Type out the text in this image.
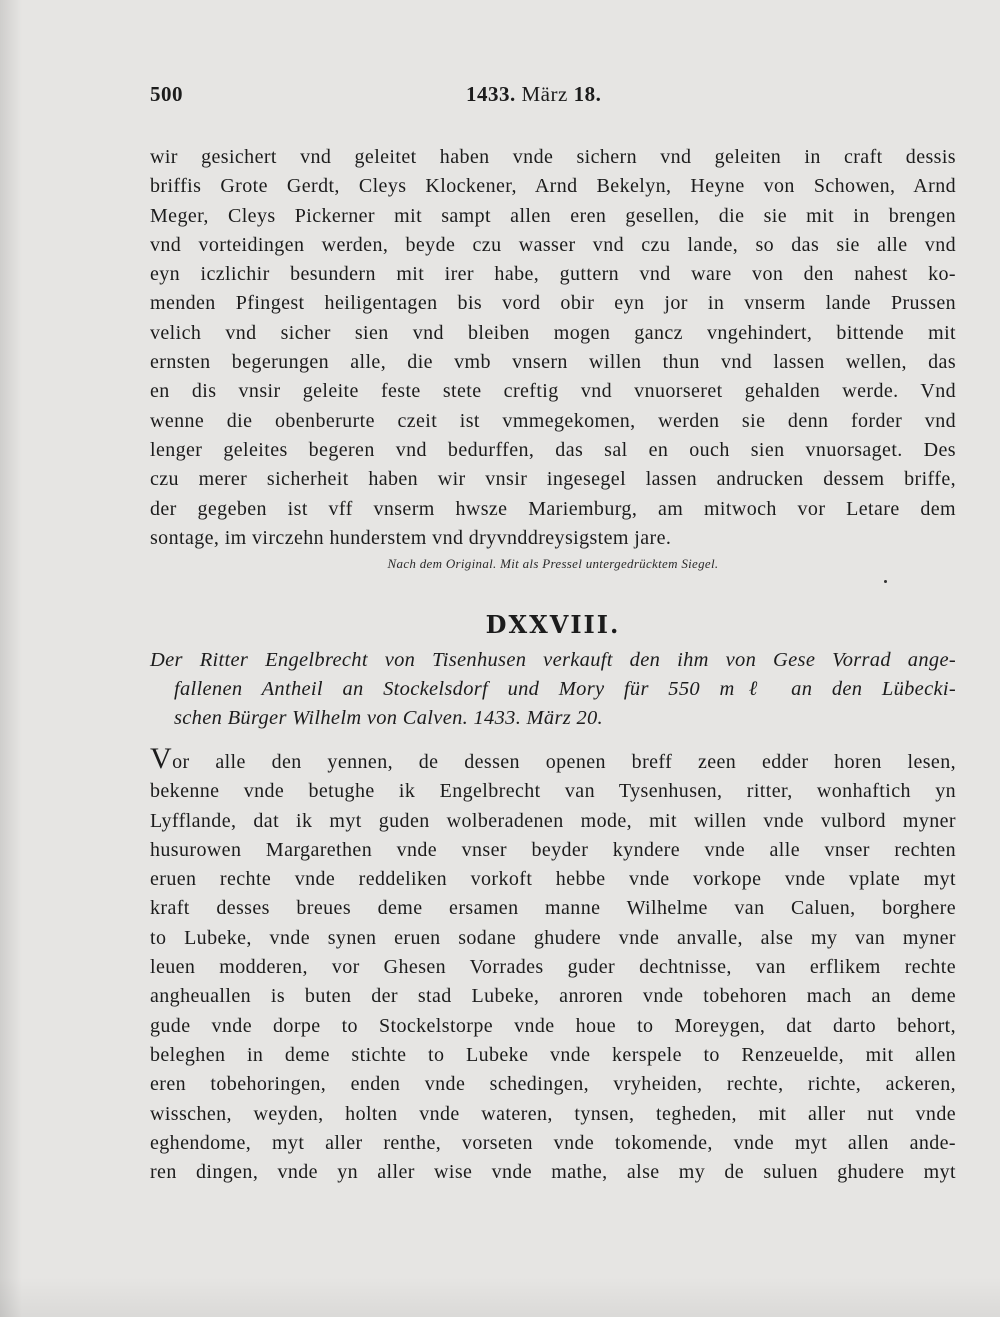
500	1433. März 18.
wir gesichert vnd geleitet haben vnde sichern vnd geleiten in craft dessis
briffis Grote Gerdt, Cleys Klockener, Arnd Bekelyn, Heyne von Schowen, Arnd
Meger, Cleys Pickerner mit sampt allen eren gesellen, die sie mit in brengen
vnd vorteidingen werden, beyde czu wasser vnd czu lande, so das sie alle vnd
eyn iczlichir besundern mit irer habe, guttern vnd ware von den nahest ko-
menden Pfingest heiligentagen bis vord obir eyn jor in vnserm lande Prussen
velich vnd sicher sien vnd bleiben mogen gancz vngehindert, bittende mit
ernsten begerungen alle, die vmb vnsern willen thun vnd lassen wellen, das
en dis vnsir geleite feste stete creftig vnd vnuorseret gehalden werde. Vnd
wenne die obenberurte czeit ist vmmegekomen, werden sie denn forder vnd
lenger geleites begeren vnd bedurffen, das sal en ouch sien vnuorsaget. Des
czu merer sicherheit haben wir vnsir ingesegel lassen andrucken dessem briffe,
der gegeben ist vff vnserm hwsze Mariemburg, am mitwoch vor Letare dem
sontage, im virczehn hunderstem vnd dryvnddreysigstem jare.
Nach dem Original. Mit als Pressel untergedrücktem Siegel.
DXXVIII.
Der Ritter Engelbrecht von Tisenhusen verkauft den ihm von Gese Vorrad ange-
fallenen Antheil an Stockelsdorf und Mory für 550 mℓ an den Lübecki-
schen Bürger Wilhelm von Calven. 1433. März 20.
Vor alle den yennen, de dessen openen breff zeen edder horen lesen,
bekenne vnde betughe ik Engelbrecht van Tysenhusen, ritter, wonhaftich yn
Lyfflande, dat ik myt guden wolberadenen mode, mit willen vnde vulbord myner
husurowen Margarethen vnde vnser beyder kyndere vnde alle vnser rechten
eruen rechte vnde reddeliken vorkoft hebbe vnde vorkope vnde vplate myt
kraft desses breues deme ersamen manne Wilhelme van Caluen, borghere
to Lubeke, vnde synen eruen sodane ghudere vnde anvalle, alse my van myner
leuen modderen, vor Ghesen Vorrades guder dechtnisse, van erflikem rechte
angheuallen is buten der stad Lubeke, anroren vnde tobehoren mach an deme
gude vnde dorpe to Stockelstorpe vnde houe to Moreygen, dat darto behort,
beleghen in deme stichte to Lubeke vnde kerspele to Renzeuelde, mit allen
eren tobehoringen, enden vnde schedingen, vryheiden, rechte, richte, ackeren,
wisschen, weyden, holten vnde wateren, tynsen, tegheden, mit aller nut vnde
eghendome, myt aller renthe, vorseten vnde tokomende, vnde myt allen ande-
ren dingen, vnde yn aller wise vnde mathe, alse my de suluen ghudere myt
